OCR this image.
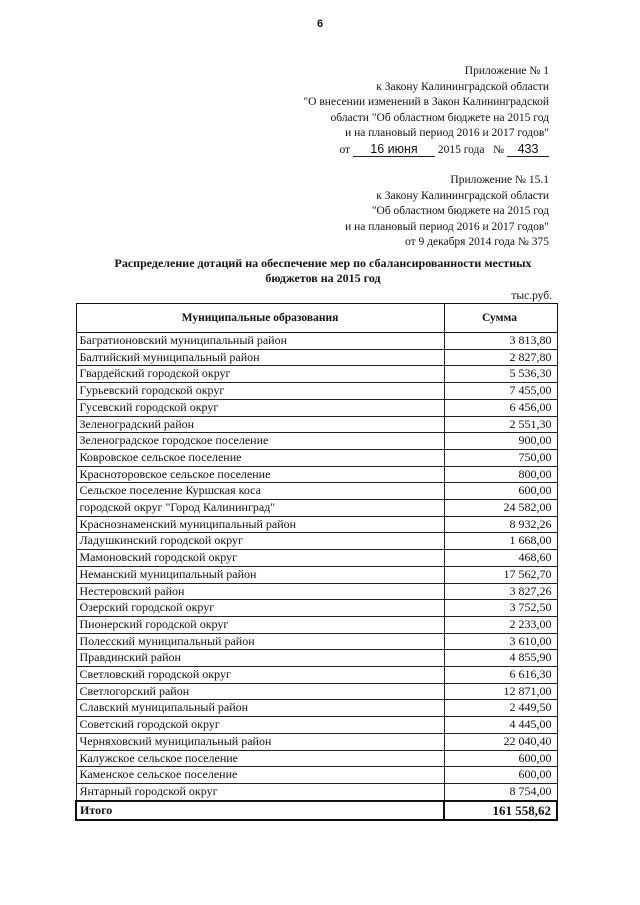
6
Приложение № 1
к Закону Калининградской области
"О внесении изменений в Закон Калининградской
области "Об областном бюджете на 2015 год
и на плановый период 2016 и 2017 годов"
от 16 июня 2015 года № 433
Приложение № 15.1
к Закону Калининградской области
"Об областном бюджете на 2015 год
и на плановый период 2016 и 2017 годов"
от 9 декабря 2014 года № 375
Распределение дотаций на обеспечение мер по сбалансированности местных
бюджетов на 2015 год
тыс.руб.
Муниципальные образования	Сумма
Багратионовский муниципальный район	3 813,80
Балтийский муниципальный район	2 827,80
Гвардейский городской округ	5 536,30
Гурьевский городской округ	7 455,00
Гусевский городской округ	6 456,00
Зеленоградский район	2 551,30
Зеленоградское городское поселение	900,00
Ковровское сельское поселение	750,00
Красноторовское сельское поселение	800,00
Сельское поселение Куршская коса	600,00
городской округ "Город Калининград"	24 582,00
Краснознаменский муниципальный район	8 932,26
Ладушкинский городской округ	1 668,00
Мамоновский городской округ	468,60
Неманский муниципальный район	17 562,70
Нестеровский район	3 827,26
Озерский городской округ	3 752,50
Пионерский городской округ	2 233,00
Полесский муниципальный район	3 610,00
Правдинский район	4 855,90
Светловский городской округ	6 616,30
Светлогорский район	12 871,00
Славский муниципальный район	2 449,50
Советский городской округ	4 445,00
Черняховский муниципальный район	22 040,40
Калужское сельское поселение	600,00
Каменское сельское поселение	600,00
Янтарный городской округ	8 754,00
Итого	161 558,62
